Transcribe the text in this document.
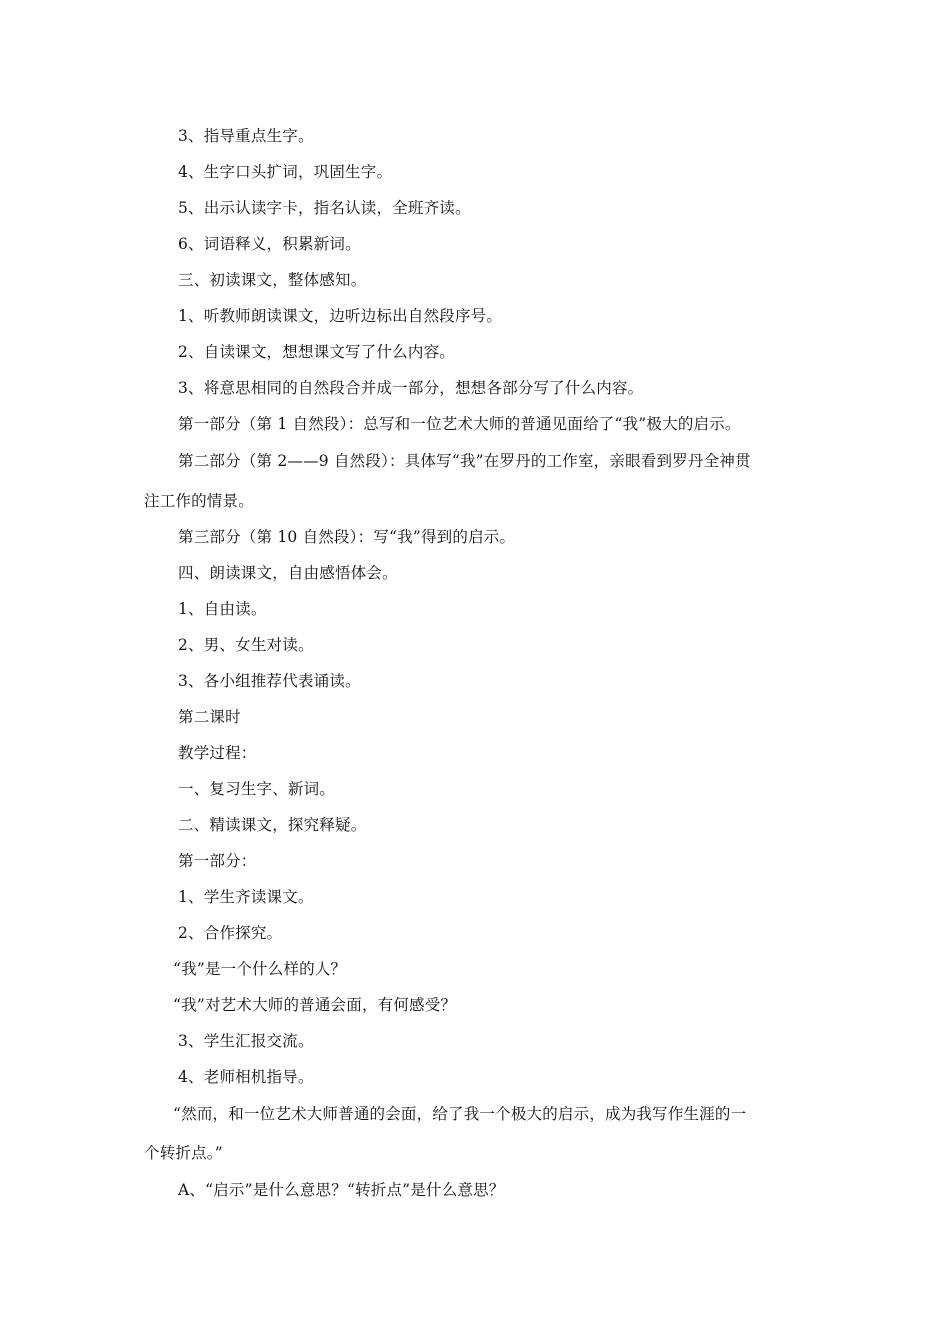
3、指导重点生字。
4、生字口头扩词，巩固生字。
5、出示认读字卡，指名认读，全班齐读。
6、词语释义，积累新词。
三、初读课文，整体感知。
1、听教师朗读课文，边听边标出自然段序号。
2、自读课文，想想课文写了什么内容。
3、将意思相同的自然段合并成一部分，想想各部分写了什么内容。
第一部分（第 1 自然段）：总写和一位艺术大师的普通见面给了“我”极大的启示。
第二部分（第 2——9 自然段）：具体写“我”在罗丹的工作室，亲眼看到罗丹全神贯
注工作的情景。
第三部分（第 10 自然段）：写“我”得到的启示。
四、朗读课文，自由感悟体会。
1、自由读。
2、男、女生对读。
3、各小组推荐代表诵读。
第二课时
教学过程：
一、复习生字、新词。
二、精读课文，探究释疑。
第一部分：
1、学生齐读课文。
2、合作探究。
“我”是一个什么样的人？
“我”对艺术大师的普通会面，有何感受？
3、学生汇报交流。
4、老师相机指导。
“然而，和一位艺术大师普通的会面，给了我一个极大的启示，成为我写作生涯的一
个转折点。”
A、“启示”是什么意思？“转折点”是什么意思？
